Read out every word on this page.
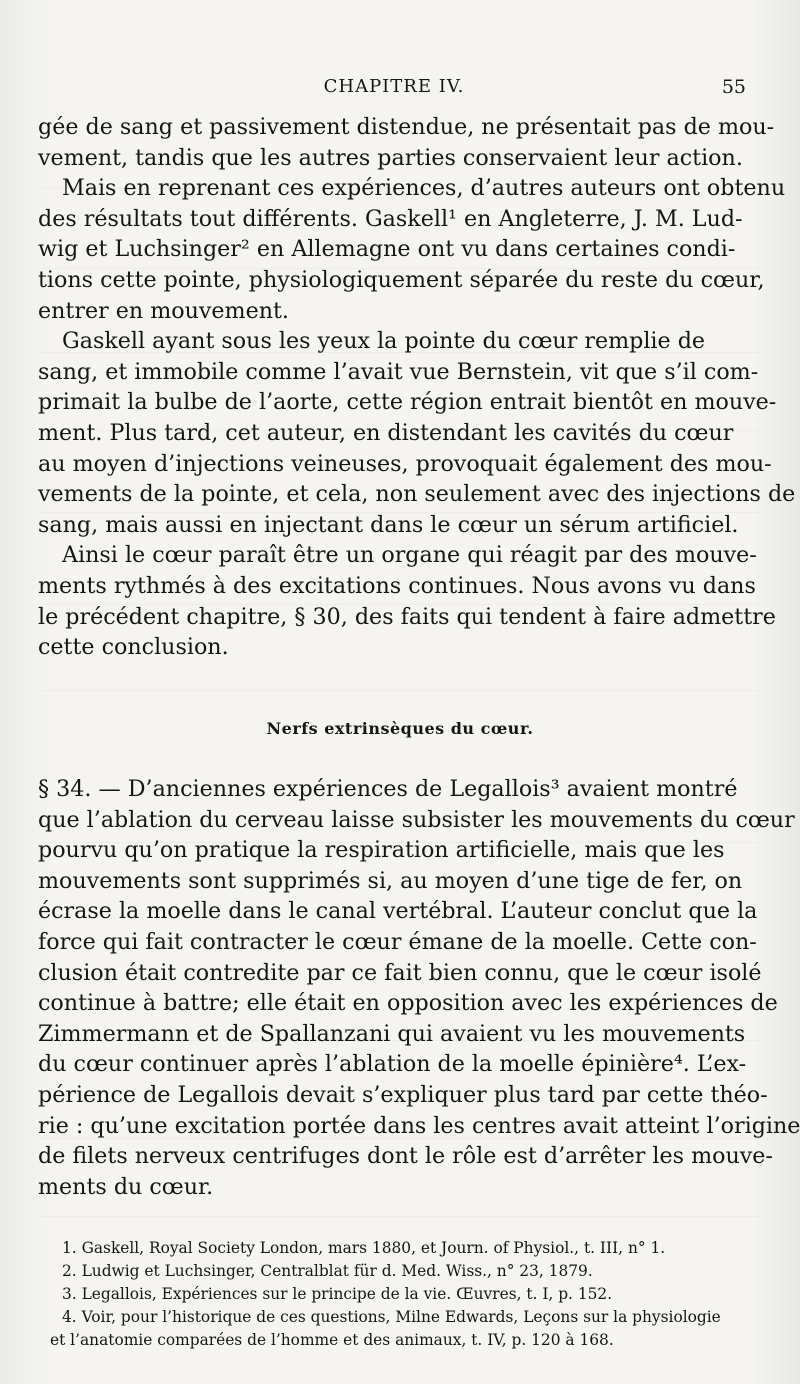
CHAPITRE IV.	55
gée de sang et passivement distendue, ne présentait pas de mou-
vement, tandis que les autres parties conservaient leur action.
Mais en reprenant ces expériences, d’autres auteurs ont obtenu
des résultats tout différents. Gaskell¹ en Angleterre, J. M. Lud-
wig et Luchsinger² en Allemagne ont vu dans certaines condi-
tions cette pointe, physiologiquement séparée du reste du cœur,
entrer en mouvement.
Gaskell ayant sous les yeux la pointe du cœur remplie de
sang, et immobile comme l’avait vue Bernstein, vit que s’il com-
primait la bulbe de l’aorte, cette région entrait bientôt en mouve-
ment. Plus tard, cet auteur, en distendant les cavités du cœur
au moyen d’injections veineuses, provoquait également des mou-
vements de la pointe, et cela, non seulement avec des injections de
sang, mais aussi en injectant dans le cœur un sérum artificiel.
Ainsi le cœur paraît être un organe qui réagit par des mouve-
ments rythmés à des excitations continues. Nous avons vu dans
le précédent chapitre, § 30, des faits qui tendent à faire admettre
cette conclusion.
Nerfs extrinsèques du cœur.
§ 34. — D’anciennes expériences de Legallois³ avaient montré
que l’ablation du cerveau laisse subsister les mouvements du cœur
pourvu qu’on pratique la respiration artificielle, mais que les
mouvements sont supprimés si, au moyen d’une tige de fer, on
écrase la moelle dans le canal vertébral. L’auteur conclut que la
force qui fait contracter le cœur émane de la moelle. Cette con-
clusion était contredite par ce fait bien connu, que le cœur isolé
continue à battre; elle était en opposition avec les expériences de
Zimmermann et de Spallanzani qui avaient vu les mouvements
du cœur continuer après l’ablation de la moelle épinière⁴. L’ex-
périence de Legallois devait s’expliquer plus tard par cette théo-
rie : qu’une excitation portée dans les centres avait atteint l’origine
de filets nerveux centrifuges dont le rôle est d’arrêter les mouve-
ments du cœur.
1. Gaskell, Royal Society London, mars 1880, et Journ. of Physiol., t. III, n° 1.
2. Ludwig et Luchsinger, Centralblat für d. Med. Wiss., n° 23, 1879.
3. Legallois, Expériences sur le principe de la vie. Œuvres, t. I, p. 152.
4. Voir, pour l’historique de ces questions, Milne Edwards, Leçons sur la physiologie
et l’anatomie comparées de l’homme et des animaux, t. IV, p. 120 à 168.
